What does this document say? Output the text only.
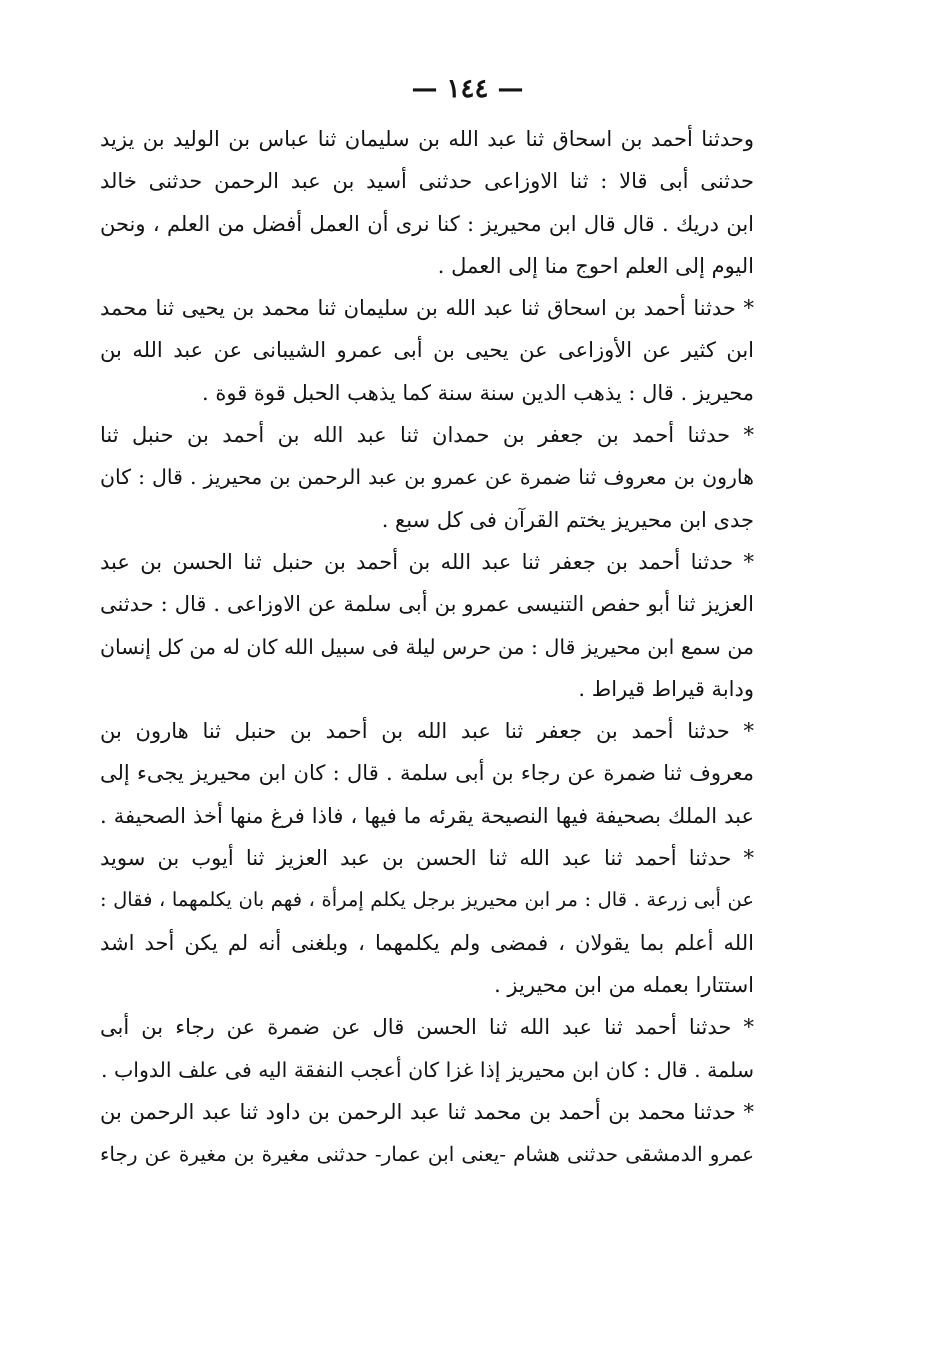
— ١٤٤ —
وحدثنا أحمد بن اسحاق ثنا عبد الله بن سليمان ثنا عباس بن الوليد بن يزيد
حدثنى أبى قالا : ثنا الاوزاعى حدثنى أسيد بن عبد الرحمن حدثنى خالد
ابن دريك . قال قال ابن محيريز : كنا نرى أن العمل أفضل من العلم ، ونحن
اليوم إلى العلم احوج منا إلى العمل .
* حدثنا أحمد بن اسحاق ثنا عبد الله بن سليمان ثنا محمد بن يحيى ثنا محمد
ابن كثير عن الأوزاعى عن يحيى بن أبى عمرو الشيبانى عن عبد الله بن
محيريز . قال : يذهب الدين سنة سنة كما يذهب الحبل قوة قوة .
* حدثنا أحمد بن جعفر بن حمدان ثنا عبد الله بن أحمد بن حنبل ثنا
هارون بن معروف ثنا ضمرة عن عمرو بن عبد الرحمن بن محيريز . قال : كان
جدى ابن محيريز يختم القرآن فى كل سبع .
* حدثنا أحمد بن جعفر ثنا عبد الله بن أحمد بن حنبل ثنا الحسن بن عبد
العزيز ثنا أبو حفص التنيسى عمرو بن أبى سلمة عن الاوزاعى . قال : حدثنى
من سمع ابن محيريز قال : من حرس ليلة فى سبيل الله كان له من كل إنسان
ودابة قيراط قيراط .
* حدثنا أحمد بن جعفر ثنا عبد الله بن أحمد بن حنبل ثنا هارون بن
معروف ثنا ضمرة عن رجاء بن أبى سلمة . قال : كان ابن محيريز يجىء إلى
عبد الملك بصحيفة فيها النصيحة يقرئه ما فيها ، فاذا فرغ منها أخذ الصحيفة .
* حدثنا أحمد ثنا عبد الله ثنا الحسن بن عبد العزيز ثنا أيوب بن سويد
عن أبى زرعة . قال : مر ابن محيريز برجل يكلم إمرأة ، فهم بان يكلمهما ، فقال :
الله أعلم بما يقولان ، فمضى ولم يكلمهما ، وبلغنى أنه لم يكن أحد اشد
استتارا بعمله من ابن محيريز .
* حدثنا أحمد ثنا عبد الله ثنا الحسن قال عن ضمرة عن رجاء بن أبى
سلمة . قال : كان ابن محيريز إذا غزا كان أعجب النفقة اليه فى علف الدواب .
* حدثنا محمد بن أحمد بن محمد ثنا عبد الرحمن بن داود ثنا عبد الرحمن بن
عمرو الدمشقى حدثنى هشام -يعنى ابن عمار- حدثنى مغيرة بن مغيرة عن رجاء
